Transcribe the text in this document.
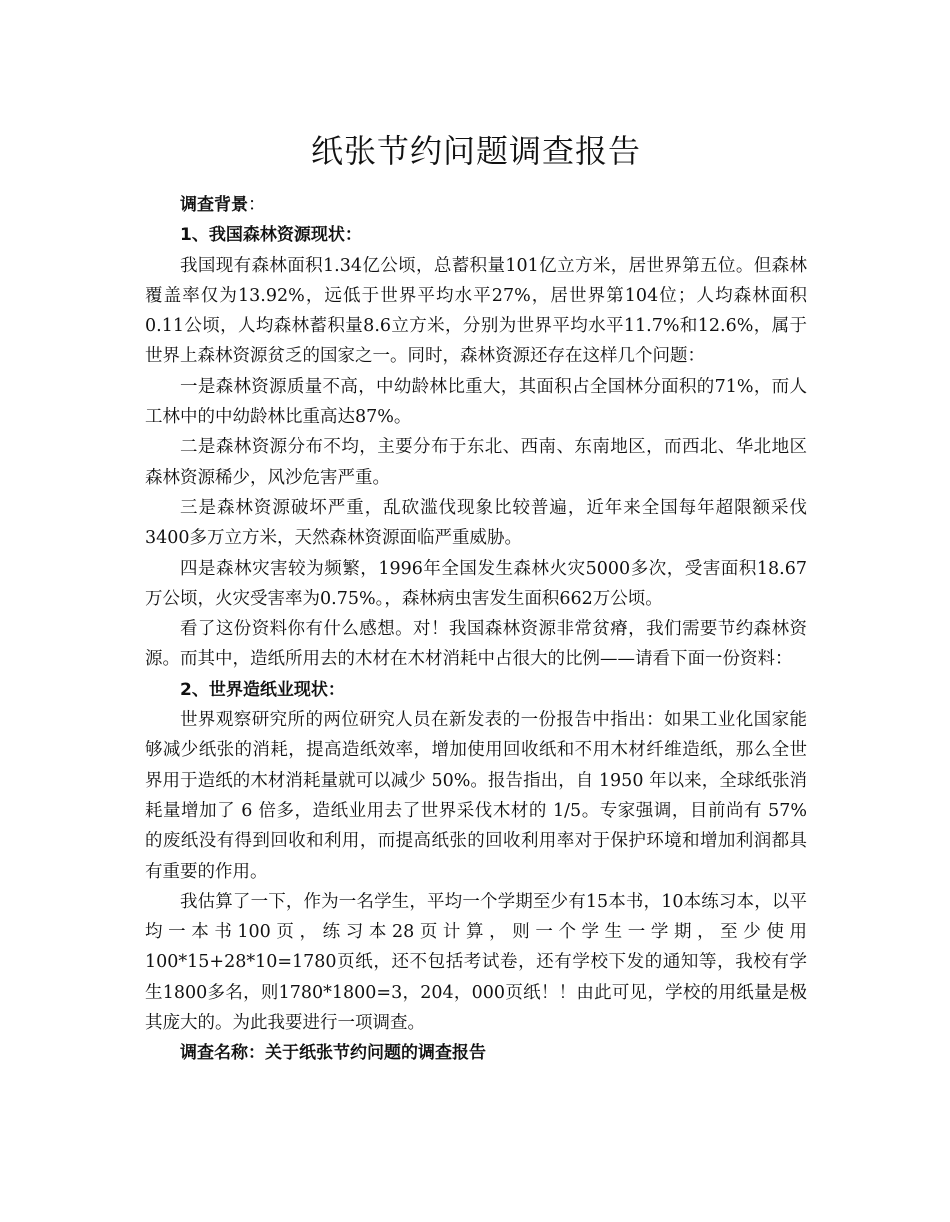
纸张节约问题调查报告

调查背景：

1、我国森林资源现状：

我国现有森林面积1.34亿公顷，总蓄积量101亿立方米，居世界第五位。但森林覆盖率仅为13.92%，远低于世界平均水平27%，居世界第104位；人均森林面积0.11公顷，人均森林蓄积量8.6立方米，分别为世界平均水平11.7%和12.6%，属于世界上森林资源贫乏的国家之一。同时，森林资源还存在这样几个问题：

一是森林资源质量不高，中幼龄林比重大，其面积占全国林分面积的71%，而人工林中的中幼龄林比重高达87%。

二是森林资源分布不均，主要分布于东北、西南、东南地区，而西北、华北地区森林资源稀少，风沙危害严重。

三是森林资源破坏严重，乱砍滥伐现象比较普遍，近年来全国每年超限额采伐3400多万立方米，天然森林资源面临严重威胁。

四是森林灾害较为频繁，1996年全国发生森林火灾5000多次，受害面积18.67万公顷，火灾受害率为0.75%。，森林病虫害发生面积662万公顷。

看了这份资料你有什么感想。对！我国森林资源非常贫瘠，我们需要节约森林资源。而其中，造纸所用去的木材在木材消耗中占很大的比例——请看下面一份资料：

2、世界造纸业现状：

世界观察研究所的两位研究人员在新发表的一份报告中指出：如果工业化国家能够减少纸张的消耗，提高造纸效率，增加使用回收纸和不用木材纤维造纸，那么全世界用于造纸的木材消耗量就可以减少 50%。报告指出，自 1950 年以来，全球纸张消耗量增加了 6 倍多，造纸业用去了世界采伐木材的 1/5。专家强调，目前尚有 57% 的废纸没有得到回收和利用，而提高纸张的回收利用率对于保护环境和增加利润都具有重要的作用。

我估算了一下，作为一名学生，平均一个学期至少有15本书，10本练习本，以平均一本书100页，练习本28页计算，则一个学生一学期，至少使用100*15+28*10=1780页纸，还不包括考试卷，还有学校下发的通知等，我校有学生1800多名，则1780*1800=3，204，000页纸！！由此可见，学校的用纸量是极其庞大的。为此我要进行一项调查。

调查名称：关于纸张节约问题的调查报告
